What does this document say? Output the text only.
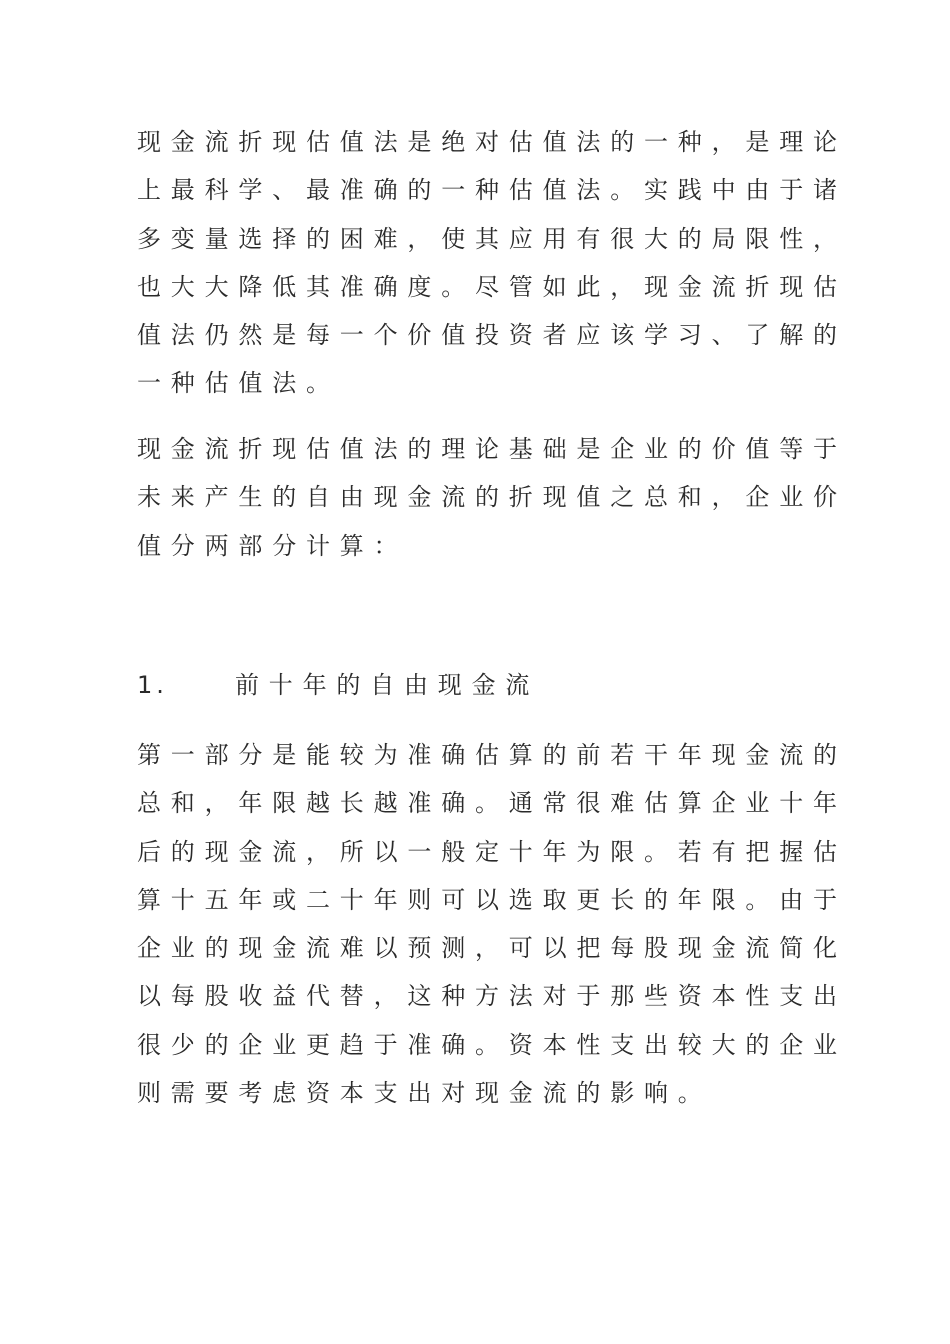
现金流折现估值法是绝对估值法的一种，是理论
上最科学、最准确的一种估值法。实践中由于诸
多变量选择的困难，使其应用有很大的局限性，
也大大降低其准确度。尽管如此，现金流折现估
值法仍然是每一个价值投资者应该学习、了解的
一种估值法。
现金流折现估值法的理论基础是企业的价值等于
未来产生的自由现金流的折现值之总和，企业价
值分两部分计算：
1.	前十年的自由现金流
第一部分是能较为准确估算的前若干年现金流的
总和，年限越长越准确。通常很难估算企业十年
后的现金流，所以一般定十年为限。若有把握估
算十五年或二十年则可以选取更长的年限。由于
企业的现金流难以预测，可以把每股现金流简化
以每股收益代替，这种方法对于那些资本性支出
很少的企业更趋于准确。资本性支出较大的企业
则需要考虑资本支出对现金流的影响。
